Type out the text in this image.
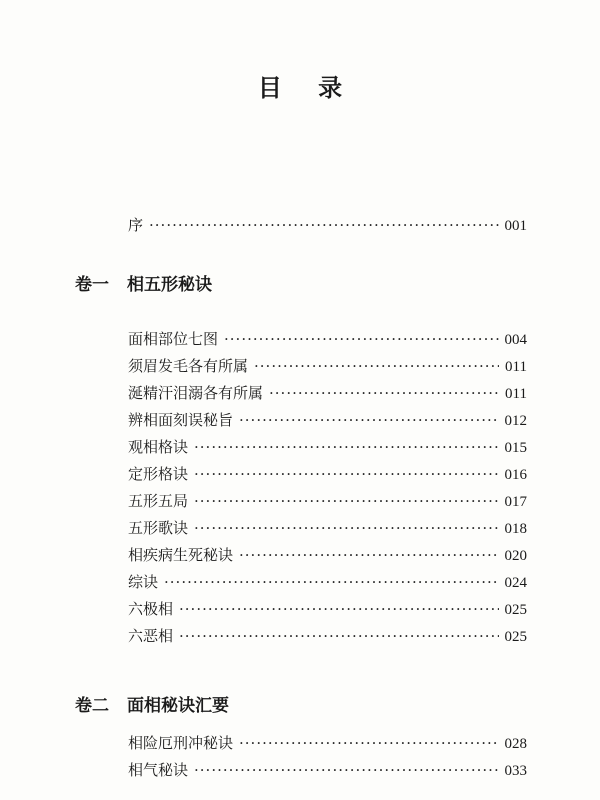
目 录
序 ·····	001
卷一 相五形秘诀
面相部位七图 ·····	004
须眉发毛各有所属 ·····	011
涎精汗泪溺各有所属 ·····	011
辨相面刻误秘旨 ·····	012
观相格诀 ·····	015
定形格诀 ·····	016
五形五局 ·····	017
五形歌诀 ·····	018
相疾病生死秘诀 ·····	020
综诀 ·····	024
六极相 ·····	025
六恶相 ·····	025
卷二 面相秘诀汇要
相险厄刑冲秘诀 ·····	028
相气秘诀 ·····	033
